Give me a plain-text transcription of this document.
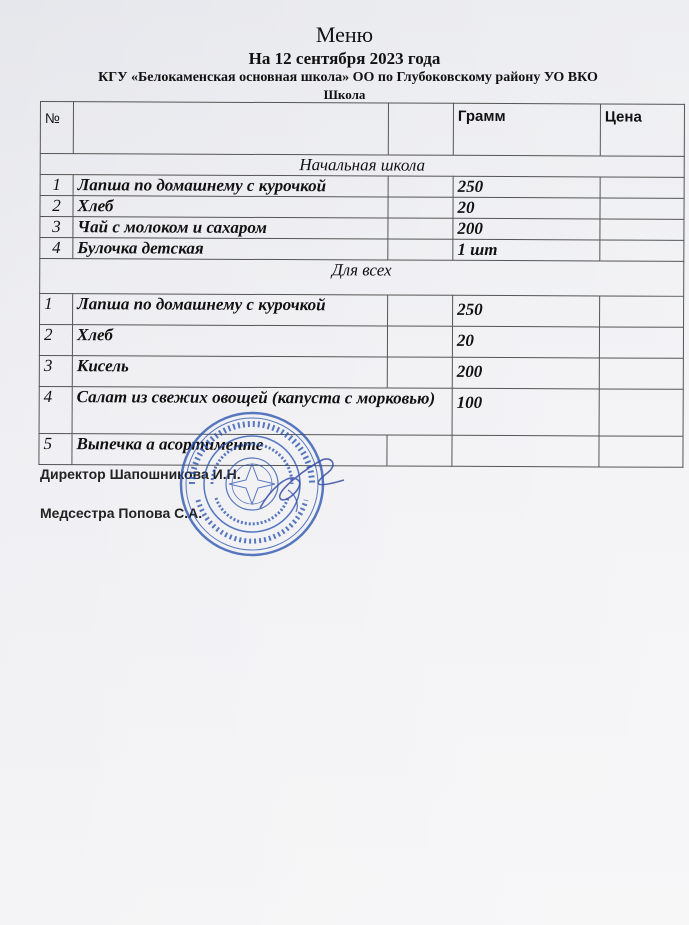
Меню
На 12 сентября 2023 года
КГУ «Белокаменская основная школа» ОО по Глубоковскому району УО ВКО
Школа
№			Грамм	Цена
Начальная школа				
1	Лапша по домашнему с курочкой		250	
2	Хлеб		20	
3	Чай с молоком и сахаром		200	
4	Булочка детская		1 шт	
Для всех				
1	Лапша по домашнему с курочкой		250	
2	Хлеб		20	
3	Кисель		200	
4	Салат из свежих овощей (капуста с морковью)		100	
5	Выпечка а асортименте			
Директор Шапошникова И.Н.
Медсестра Попова С.А.
